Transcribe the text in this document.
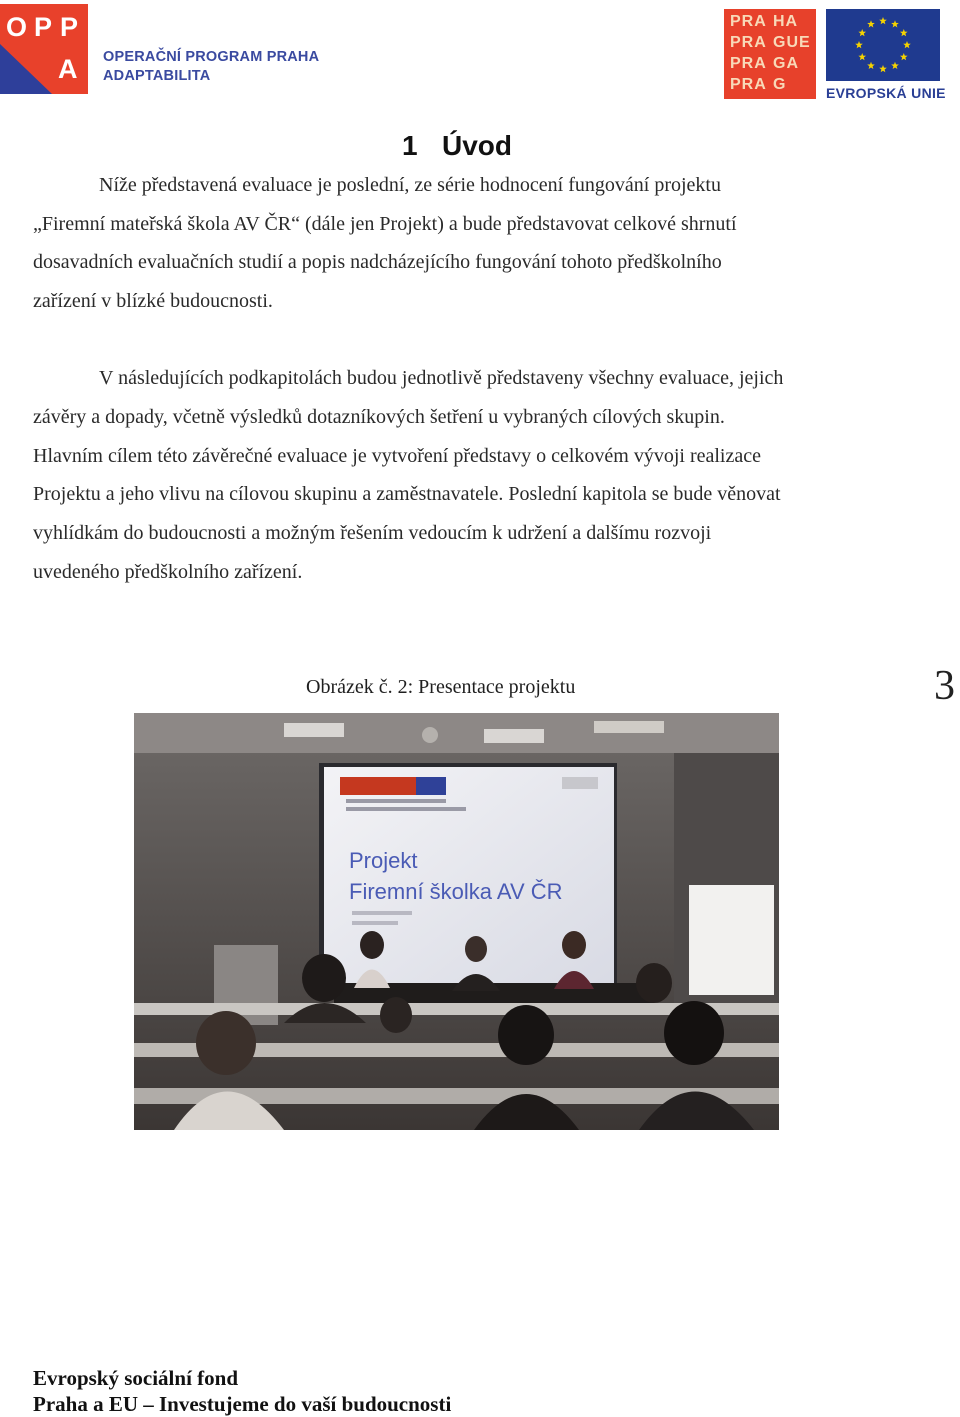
O P P
A OPERAČNÍ PROGRAM PRAHA
ADAPTABILITA
PRA HA
PRA GUE
PRA GA
PRA G	EVROPSKÁ UNIE
1 Úvod
Níže představená evaluace je poslední, ze série hodnocení fungování projektu
„Firemní mateřská škola AV ČR“ (dále jen Projekt) a bude představovat celkové shrnutí
dosavadních evaluačních studií a popis nadcházejícího fungování tohoto předškolního
zařízení v blízké budoucnosti.
V následujících podkapitolách budou jednotlivě představeny všechny evaluace, jejich
závěry a dopady, včetně výsledků dotazníkových šetření u vybraných cílových skupin.
Hlavním cílem této závěrečné evaluace je vytvoření představy o celkovém vývoji realizace
Projektu a jeho vlivu na cílovou skupinu a zaměstnavatele. Poslední kapitola se bude věnovat
vyhlídkám do budoucnosti a možným řešením vedoucím k udržení a dalšímu rozvoji
uvedeného předškolního zařízení.
Obrázek č. 2: Presentace projektu	3
Projekt
Firemní školka AV ČR
Evropský sociální fond
Praha a EU – Investujeme do vaší budoucnosti
